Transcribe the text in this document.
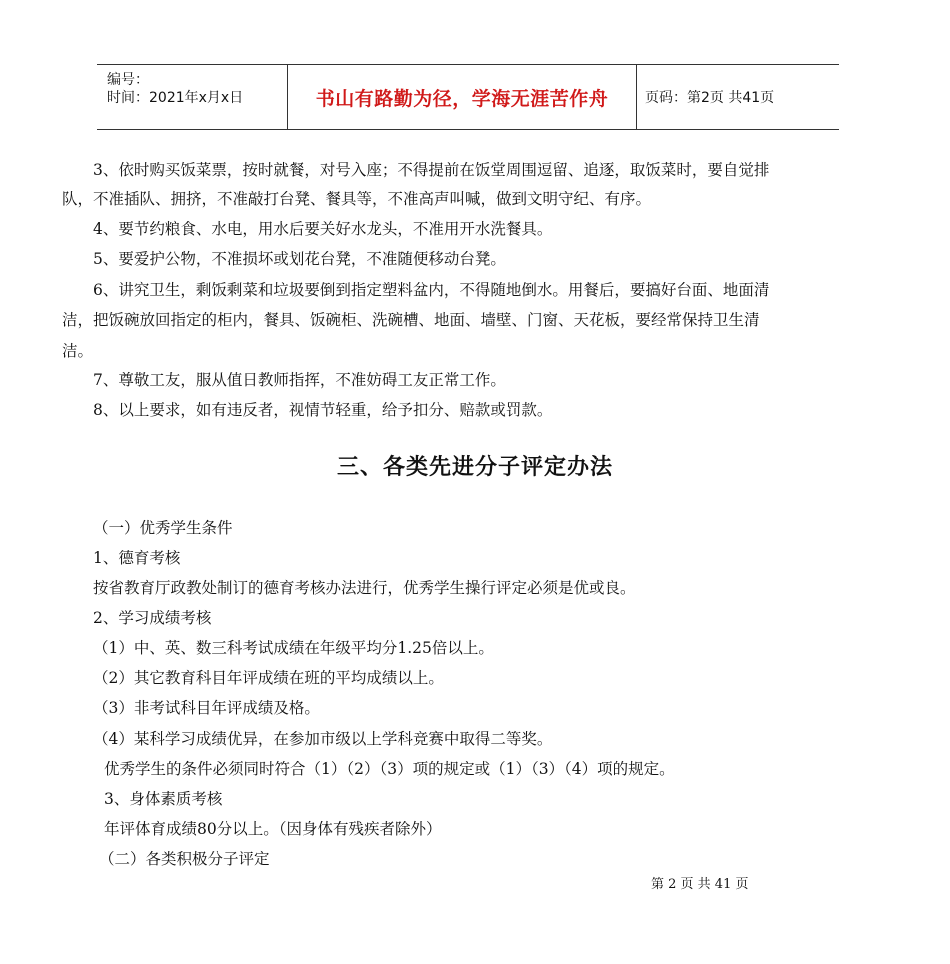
编号：
时间：2021年x月x日	书山有路勤为径，学海无涯苦作舟	页码：第2页 共41页
3、依时购买饭菜票，按时就餐，对号入座；不得提前在饭堂周围逗留、追逐，取饭菜时，要自觉排
队，不准插队、拥挤，不准敲打台凳、餐具等，不准高声叫喊，做到文明守纪、有序。
4、要节约粮食、水电，用水后要关好水龙头，不准用开水洗餐具。
5、要爱护公物，不准损坏或划花台凳，不准随便移动台凳。
6、讲究卫生，剩饭剩菜和垃圾要倒到指定塑料盆内，不得随地倒水。用餐后，要搞好台面、地面清
洁，把饭碗放回指定的柜内，餐具、饭碗柜、洗碗槽、地面、墙壁、门窗、天花板，要经常保持卫生清
洁。
7、尊敬工友，服从值日教师指挥，不准妨碍工友正常工作。
8、以上要求，如有违反者，视情节轻重，给予扣分、赔款或罚款。
三、各类先进分子评定办法
（一）优秀学生条件
1、德育考核
按省教育厅政教处制订的德育考核办法进行，优秀学生操行评定必须是优或良。
2、学习成绩考核
（1）中、英、数三科考试成绩在年级平均分1.25倍以上。
（2）其它教育科目年评成绩在班的平均成绩以上。
（3）非考试科目年评成绩及格。
（4）某科学习成绩优异，在参加市级以上学科竞赛中取得二等奖。
优秀学生的条件必须同时符合（1）（2）（3）项的规定或（1）（3）（4）项的规定。
3、身体素质考核
年评体育成绩80分以上。（因身体有残疾者除外）
（二）各类积极分子评定
第 2 页 共 41 页
